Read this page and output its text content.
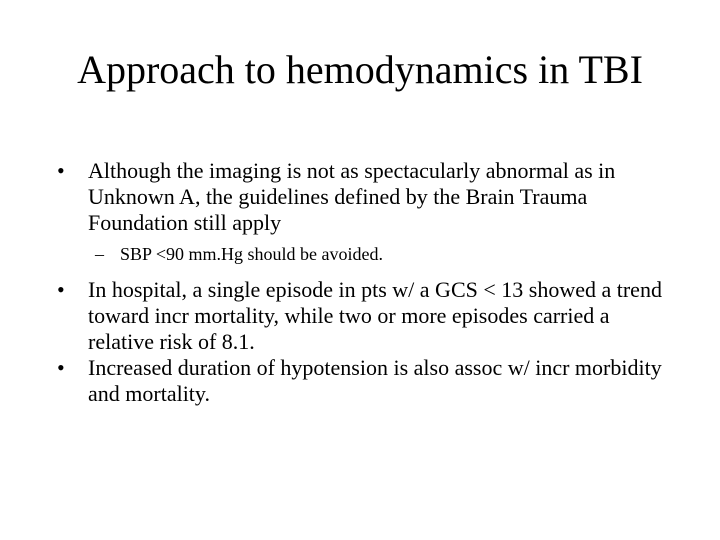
Approach to hemodynamics in TBI
• Although the imaging is not as spectacularly abnormal as in Unknown A, the guidelines defined by the Brain Trauma Foundation still apply
– SBP <90 mm.Hg should be avoided.
• In hospital, a single episode in pts w/ a GCS < 13 showed a trend toward incr mortality, while two or more episodes carried a relative risk of 8.1.
• Increased duration of hypotension is also assoc w/ incr morbidity and mortality.
